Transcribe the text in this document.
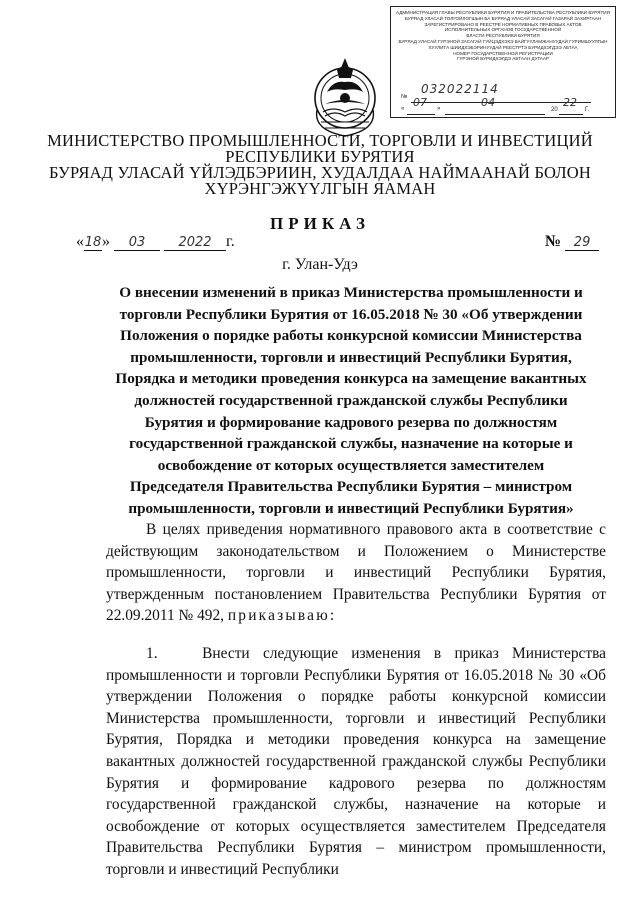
АДМИНИСТРАЦИЯ ГЛАВЫ РЕСПУБЛИКИ БУРЯТИЯ И ПРАВИТЕЛЬСТВА РЕСПУБЛИКИ БУРЯТИЯ
БУРЯАД УЛАСАЙ ТОЛГОЙЛОГШЫН БА БУРЯАД УЛАСАЙ ЗАСАГАЙ ГАЗАРАЙ ЗАХИРГААН
ЗАРЕГИСТРИРОВАНО В РЕЕСТРЕ НОРМАТИВНЫХ ПРАВОВЫХ АКТОВ
ИСПОЛНИТЕЛЬНЫХ ОРГАНОВ ГОСУДАРСТВЕННОЙ
ВЛАСТИ РЕСПУБЛИКИ БУРЯТИЯ
БУРЯАД УЛАСАЙ ГУРЭНОЙ ЗАСАГАЙ ГУЙЦЭДХЭХЭ БАЙГУУЛАМЖАНУУДАЙ ГУРИМШУУЛГЫН
ХУУЛИТА ШИИДХЭБЭРИНУУДАЙ РЕЕСТРТЭ БУРИДХЭГДЭЭ АБТАА
НОМЕР ГОСУДАРСТВЕННОЙ РЕГИСТРАЦИИ
ГУРЭНОЙ БУРИДХЭЛДЭ АБТААН ДУГААР
№
032022114
« 07 »	04
20
22
Г.
МИНИСТЕРСТВО ПРОМЫШЛЕННОСТИ, ТОРГОВЛИ И ИНВЕСТИЦИЙ
РЕСПУБЛИКИ БУРЯТИЯ
БУРЯАД УЛАСАЙ ҮЙЛЭДБЭРИИН, ХУДАЛДАА НАЙМААНАЙ БОЛОН
ХҮРЭНГЭЖҮҮЛГЫН ЯАМАН
ПРИКАЗ
«18» 03	2022 г.	№ 29
г. Улан-Удэ
О внесении изменений в приказ Министерства промышленности и торговли Республики Бурятия от 16.05.2018 № 30 «Об утверждении Положения о порядке работы конкурсной комиссии Министерства промышленности, торговли и инвестиций Республики Бурятия, Порядка и методики проведения конкурса на замещение вакантных должностей государственной гражданской службы Республики Бурятия и формирование кадрового резерва по должностям государственной гражданской службы, назначение на которые и освобождение от которых осуществляется заместителем Председателя Правительства Республики Бурятия – министром промышленности, торговли и инвестиций Республики Бурятия»
В целях приведения нормативного правового акта в соответствие с действующим законодательством и Положением о Министерстве промышленности, торговли и инвестиций Республики Бурятия, утвержденным постановлением Правительства Республики Бурятия от 22.09.2011 № 492, приказываю:
1.	Внести следующие изменения в приказ Министерства промышленности и торговли Республики Бурятия от 16.05.2018 № 30 «Об утверждении Положения о порядке работы конкурсной комиссии Министерства промышленности, торговли и инвестиций Республики Бурятия, Порядка и методики проведения конкурса на замещение вакантных должностей государственной гражданской службы Республики Бурятия и формирование кадрового резерва по должностям государственной гражданской службы, назначение на которые и освобождение от которых осуществляется заместителем Председателя Правительства Республики Бурятия – министром промышленности, торговли и инвестиций Республики
